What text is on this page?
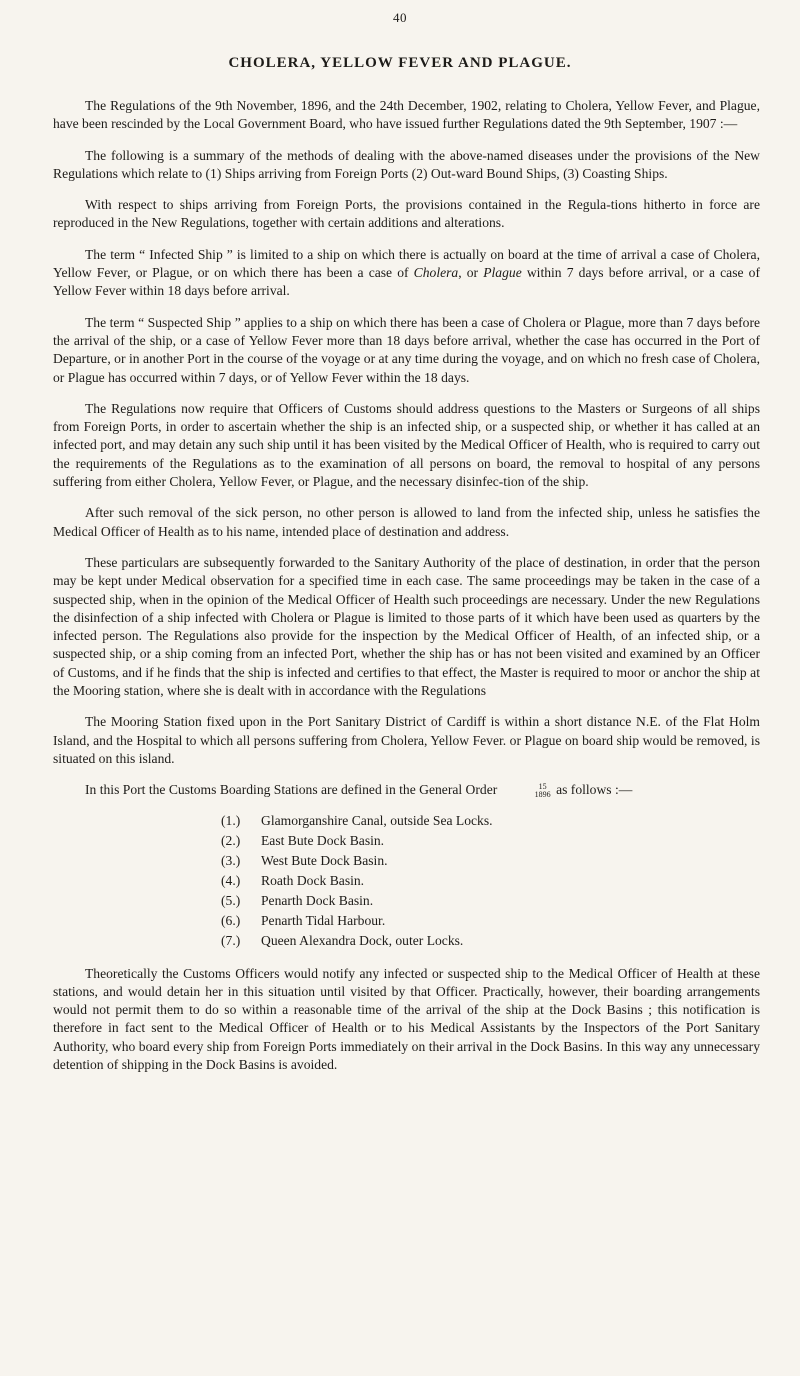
40
CHOLERA, YELLOW FEVER AND PLAGUE.

The Regulations of the 9th November, 1896, and the 24th December, 1902, relating to Cholera, Yellow Fever, and Plague, have been rescinded by the Local Government Board, who have issued further Regulations dated the 9th September, 1907 :—

The following is a summary of the methods of dealing with the above-named diseases under the provisions of the New Regulations which relate to (1) Ships arriving from Foreign Ports (2) Out-ward Bound Ships, (3) Coasting Ships.

With respect to ships arriving from Foreign Ports, the provisions contained in the Regula-tions hitherto in force are reproduced in the New Regulations, together with certain additions and alterations.

The term “ Infected Ship ” is limited to a ship on which there is actually on board at the time of arrival a case of Cholera, Yellow Fever, or Plague, or on which there has been a case of Cholera, or Plague within 7 days before arrival, or a case of Yellow Fever within 18 days before arrival.

The term “ Suspected Ship ” applies to a ship on which there has been a case of Cholera or Plague, more than 7 days before the arrival of the ship, or a case of Yellow Fever more than 18 days before arrival, whether the case has occurred in the Port of Departure, or in another Port in the course of the voyage or at any time during the voyage, and on which no fresh case of Cholera, or Plague has occurred within 7 days, or of Yellow Fever within the 18 days.

The Regulations now require that Officers of Customs should address questions to the Masters or Surgeons of all ships from Foreign Ports, in order to ascertain whether the ship is an infected ship, or a suspected ship, or whether it has called at an infected port, and may detain any such ship until it has been visited by the Medical Officer of Health, who is required to carry out the requirements of the Regulations as to the examination of all persons on board, the removal to hospital of any persons suffering from either Cholera, Yellow Fever, or Plague, and the necessary disinfec-tion of the ship.

After such removal of the sick person, no other person is allowed to land from the infected ship, unless he satisfies the Medical Officer of Health as to his name, intended place of destination and address.

These particulars are subsequently forwarded to the Sanitary Authority of the place of destination, in order that the person may be kept under Medical observation for a specified time in each case. The same proceedings may be taken in the case of a suspected ship, when in the opinion of the Medical Officer of Health such proceedings are necessary. Under the new Regulations the disinfection of a ship infected with Cholera or Plague is limited to those parts of it which have been used as quarters by the infected person. The Regulations also provide for the inspection by the Medical Officer of Health, of an infected ship, or a suspected ship, or a ship coming from an infected Port, whether the ship has or has not been visited and examined by an Officer of Customs, and if he finds that the ship is infected and certifies to that effect, the Master is required to moor or anchor the ship at the Mooring station, where she is dealt with in accordance with the Regulations

The Mooring Station fixed upon in the Port Sanitary District of Cardiff is within a short distance N.E. of the Flat Holm Island, and the Hospital to which all persons suffering from Cholera, Yellow Fever. or Plague on board ship would be removed, is situated on this island.

In this Port the Customs Boarding Stations are defined in the General Order	15
1896 as follows :—

(1.) Glamorganshire Canal, outside Sea Locks.
(2.) East Bute Dock Basin.
(3.) West Bute Dock Basin.
(4.) Roath Dock Basin.
(5.) Penarth Dock Basin.
(6.) Penarth Tidal Harbour.
(7.) Queen Alexandra Dock, outer Locks.

Theoretically the Customs Officers would notify any infected or suspected ship to the Medical Officer of Health at these stations, and would detain her in this situation until visited by that Officer. Practically, however, their boarding arrangements would not permit them to do so within a reasonable time of the arrival of the ship at the Dock Basins ; this notification is therefore in fact sent to the Medical Officer of Health or to his Medical Assistants by the Inspectors of the Port Sanitary Authority, who board every ship from Foreign Ports immediately on their arrival in the Dock Basins. In this way any unnecessary detention of shipping in the Dock Basins is avoided.
